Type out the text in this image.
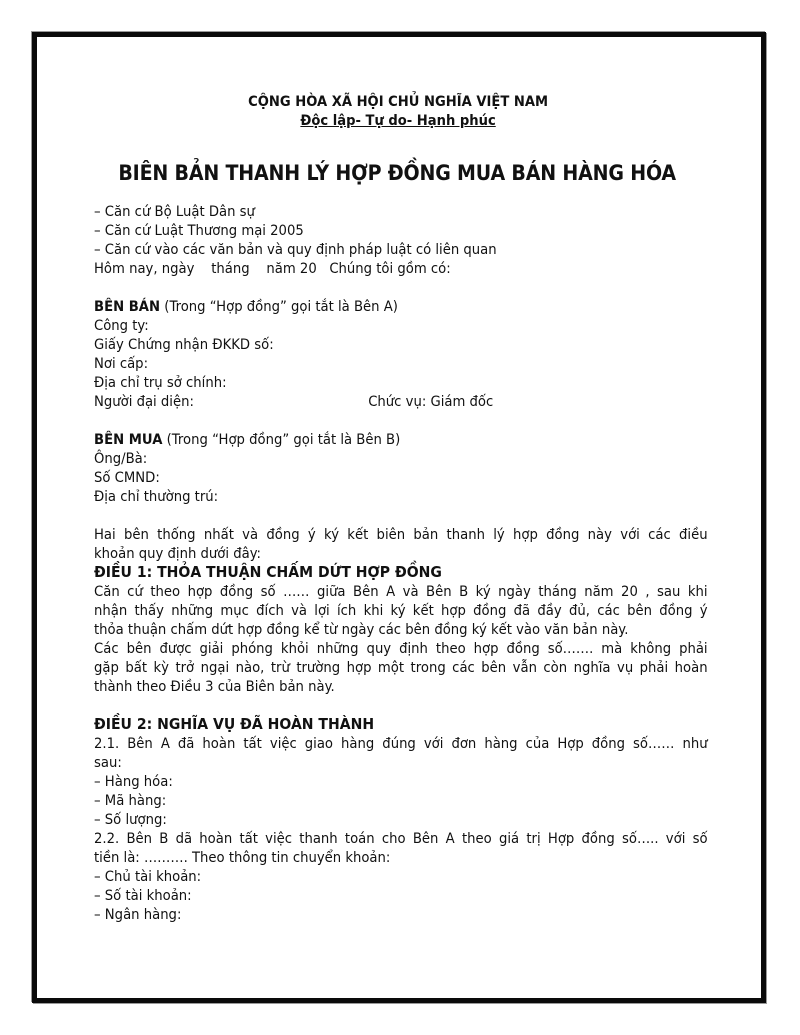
CỘNG HÒA XÃ HỘI CHỦ NGHĨA VIỆT NAM
Độc lập- Tự do- Hạnh phúc
BIÊN BẢN THANH LÝ HỢP ĐỒNG MUA BÁN HÀNG HÓA
– Căn cứ Bộ Luật Dân sự
– Căn cứ Luật Thương mại 2005
– Căn cứ vào các văn bản và quy định pháp luật có liên quan
Hôm nay, ngày    tháng    năm 20   Chúng tôi gồm có:
BÊN BÁN (Trong “Hợp đồng” gọi tắt là Bên A)
Công ty:
Giấy Chứng nhận ĐKKD số:
Nơi cấp:
Địa chỉ trụ sở chính:
Người đại diện:	Chức vụ: Giám đốc
BÊN MUA (Trong “Hợp đồng” gọi tắt là Bên B)
Ông/Bà:
Số CMND:
Địa chỉ thường trú:
Hai bên thống nhất và đồng ý ký kết biên bản thanh lý hợp đồng này với các điều
khoản quy định dưới đây:
ĐIỀU 1: THỎA THUẬN CHẤM DỨT HỢP ĐỒNG
Căn cứ theo hợp đồng số …… giữa Bên A và Bên B ký ngày tháng năm 20 , sau khi
nhận thấy những mục đích và lợi ích khi ký kết hợp đồng đã đầy đủ, các bên đồng ý
thỏa thuận chấm dứt hợp đồng kể từ ngày các bên đồng ký kết vào văn bản này.
Các bên được giải phóng khỏi những quy định theo hợp đồng số……. mà không phải
gặp bất kỳ trở ngại nào, trừ trường hợp một trong các bên vẫn còn nghĩa vụ phải hoàn
thành theo Điều 3 của Biên bản này.
ĐIỀU 2: NGHĨA VỤ ĐÃ HOÀN THÀNH
2.1. Bên A đã hoàn tất việc giao hàng đúng với đơn hàng của Hợp đồng số…… như
sau:
– Hàng hóa:
– Mã hàng:
– Số lượng:
2.2. Bên B dã hoàn tất việc thanh toán cho Bên A theo giá trị Hợp đồng số….. với số
tiền là: ………. Theo thông tin chuyển khoản:
– Chủ tài khoản:
– Số tài khoản:
– Ngân hàng:
